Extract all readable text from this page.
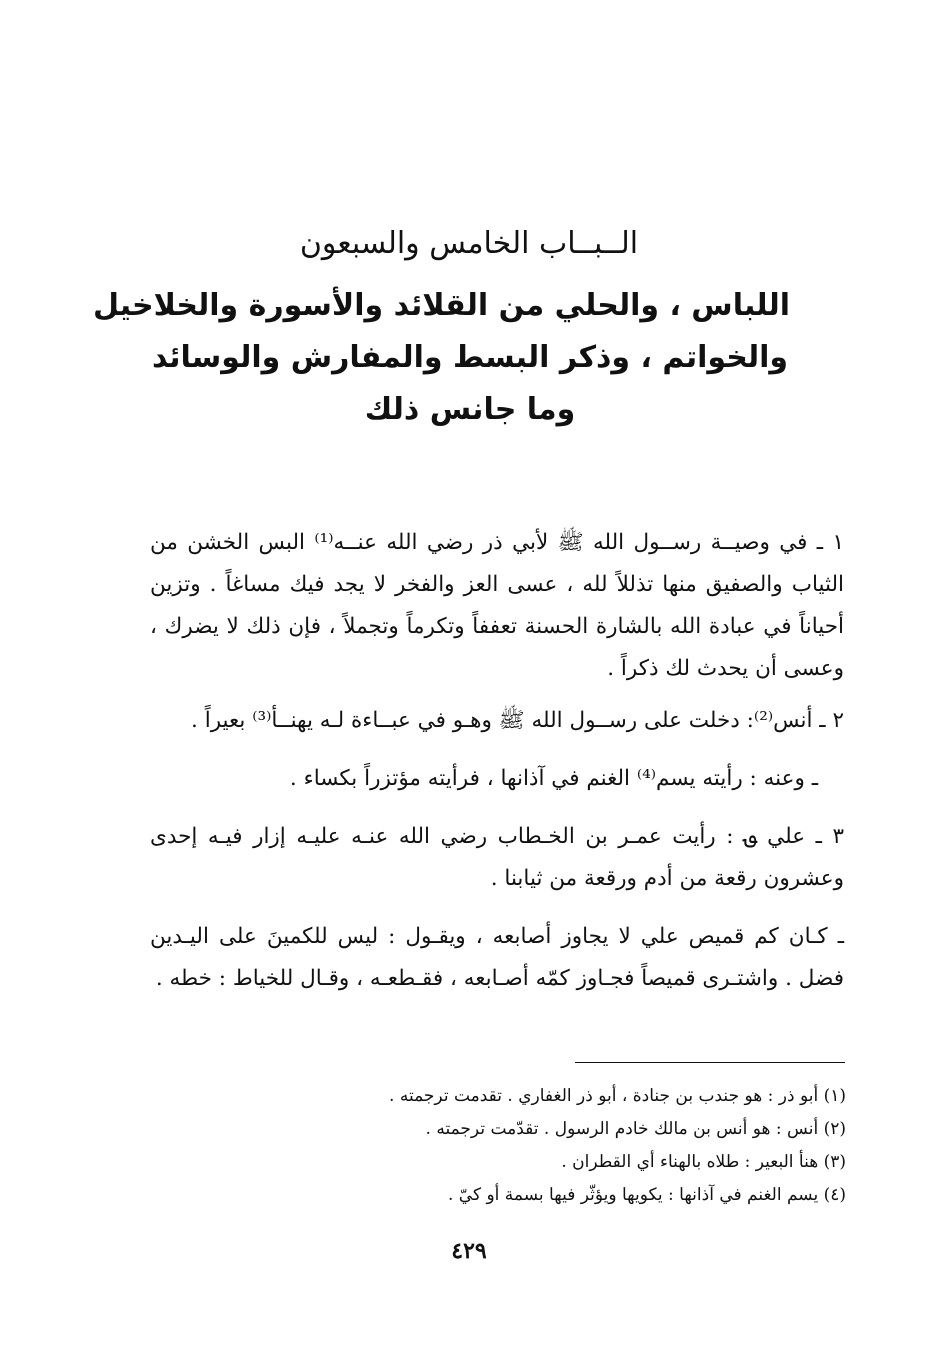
الــبــاب الخامس والسبعون
اللباس ، والحلي من القلائد والأسورة والخلاخيل
والخواتم ، وذكر البسط والمفارش والوسائد
وما جانس ذلك

١ ـ في وصيــة رســول الله ﷺ لأبي ذر رضي الله عنــه⁽¹⁾ البس الخشن من الثياب والصفيق منها تذللاً لله ، عسى العز والفخر لا يجد فيك مساغاً . وتزين أحياناً في عبادة الله بالشارة الحسنة تعففاً وتكرماً وتجملاً ، فإن ذلك لا يضرك ، وعسى أن يحدث لك ذكراً .

٢ ـ أنس⁽²⁾: دخلت على رســول الله ﷺ وهـو في عبــاءة لـه يهنــأ⁽³⁾ بعيراً .

ـ وعنه : رأيته يسم⁽⁴⁾ الغنم في آذانها ، فرأيته مؤتزراً بكساء .

٣ ـ علي ؈ : رأيت عمـر بن الخـطاب رضي الله عنـه عليـه إزار فيـه إحدى وعشرون رقعة من أدم ورقعة من ثيابنا .

ـ كـان كم قميص علي لا يجاوز أصابعه ، ويقـول : ليس للكمينَ على اليـدين فضل . واشتـرى قميصاً فجـاوز كمّه أصـابعه ، فقـطعـه ، وقـال للخياط : خطه .

(١) أبو ذر : هو جندب بن جنادة ، أبو ذر الغفاري . تقدمت ترجمته .
(٢) أنس : هو أنس بن مالك خادم الرسول . تقدّمت ترجمته .
(٣) هنأ البعير : طلاه بالهناء أي القطران .
(٤) يسم الغنم في آذانها : يكويها ويؤثّر فيها بسمة أو كيّ .
٤٢٩
